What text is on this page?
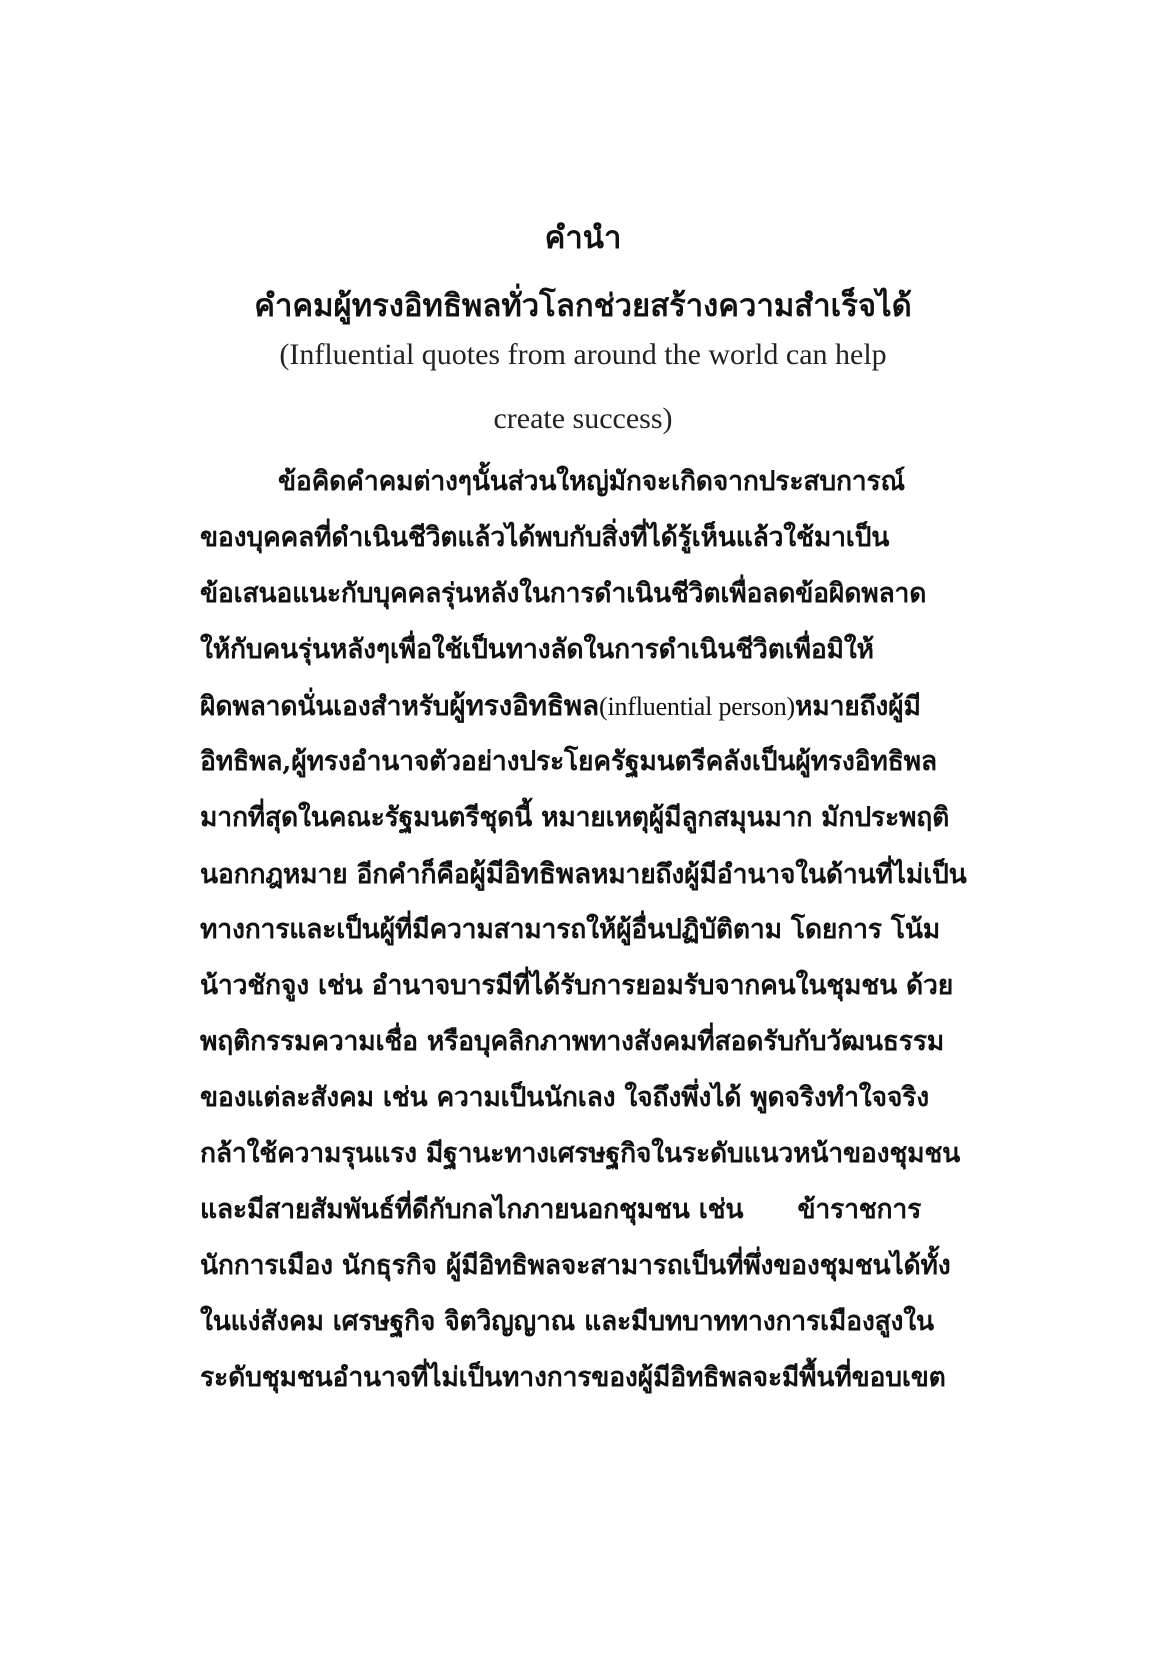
คำนำ
คำคมผู้ทรงอิทธิพลทั่วโลกช่วยสร้างความสำเร็จได้
(Influential quotes from around the world can help
create success)
ข้อคิดคำคมต่างๆนั้นส่วนใหญ่มักจะเกิดจากประสบการณ์
ของบุคคลที่ดำเนินชีวิตแล้วได้พบกับสิ่งที่ได้รู้เห็นแล้วใช้มาเป็น
ข้อเสนอแนะกับบุคคลรุ่นหลังในการดำเนินชีวิตเพื่อลดข้อผิดพลาด
ให้กับคนรุ่นหลังๆเพื่อใช้เป็นทางลัดในการดำเนินชีวิตเพื่อมิให้
ผิดพลาดนั่นเองสำหรับผู้ทรงอิทธิพล(influential person)หมายถึงผู้มี
อิทธิพล,ผู้ทรงอำนาจตัวอย่างประโยครัฐมนตรีคลังเป็นผู้ทรงอิทธิพล
มากที่สุดในคณะรัฐมนตรีชุดนี้ หมายเหตุผู้มีลูกสมุนมาก มักประพฤติ
นอกกฎหมาย อีกคำก็คือผู้มีอิทธิพลหมายถึงผู้มีอำนาจในด้านที่ไม่เป็น
ทางการและเป็นผู้ที่มีความสามารถให้ผู้อื่นปฏิบัติตาม โดยการ โน้ม
น้าวชักจูง เช่น อำนาจบารมีที่ได้รับการยอมรับจากคนในชุมชน ด้วย
พฤติกรรมความเชื่อ หรือบุคลิกภาพทางสังคมที่สอดรับกับวัฒนธรรม
ของแต่ละสังคม เช่น ความเป็นนักเลง ใจถึงพึ่งได้ พูดจริงทำใจจริง
กล้าใช้ความรุนแรง มีฐานะทางเศรษฐกิจในระดับแนวหน้าของชุมชน
และมีสายสัมพันธ์ที่ดีกับกลไกภายนอกชุมชน เช่น      ข้าราชการ
นักการเมือง นักธุรกิจ ผู้มีอิทธิพลจะสามารถเป็นที่พึ่งของชุมชนได้ทั้ง
ในแง่สังคม เศรษฐกิจ จิตวิญญาณ และมีบทบาททางการเมืองสูงใน
ระดับชุมชนอำนาจที่ไม่เป็นทางการของผู้มีอิทธิพลจะมีพื้นที่ขอบเขต
